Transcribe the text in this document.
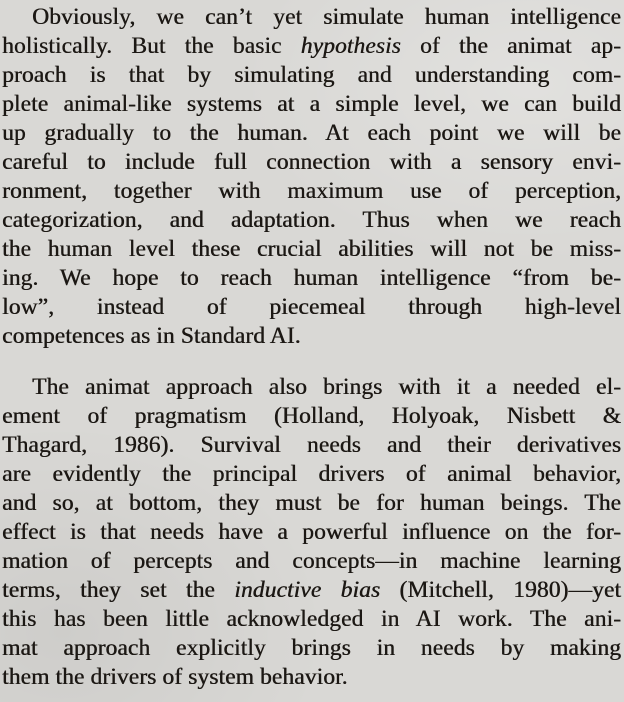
Obviously, we can’t yet simulate human intelligence
holistically. But the basic hypothesis of the animat ap-
proach is that by simulating and understanding com-
plete animal-like systems at a simple level, we can build
up gradually to the human. At each point we will be
careful to include full connection with a sensory envi-
ronment, together with maximum use of perception,
categorization, and adaptation. Thus when we reach
the human level these crucial abilities will not be miss-
ing. We hope to reach human intelligence “from be-
low”, instead of piecemeal through high-level
competences as in Standard AI.
The animat approach also brings with it a needed el-
ement of pragmatism (Holland, Holyoak, Nisbett &
Thagard, 1986). Survival needs and their derivatives
are evidently the principal drivers of animal behavior,
and so, at bottom, they must be for human beings. The
effect is that needs have a powerful influence on the for-
mation of percepts and concepts—in machine learning
terms, they set the inductive bias (Mitchell, 1980)—yet
this has been little acknowledged in AI work. The ani-
mat approach explicitly brings in needs by making
them the drivers of system behavior.
